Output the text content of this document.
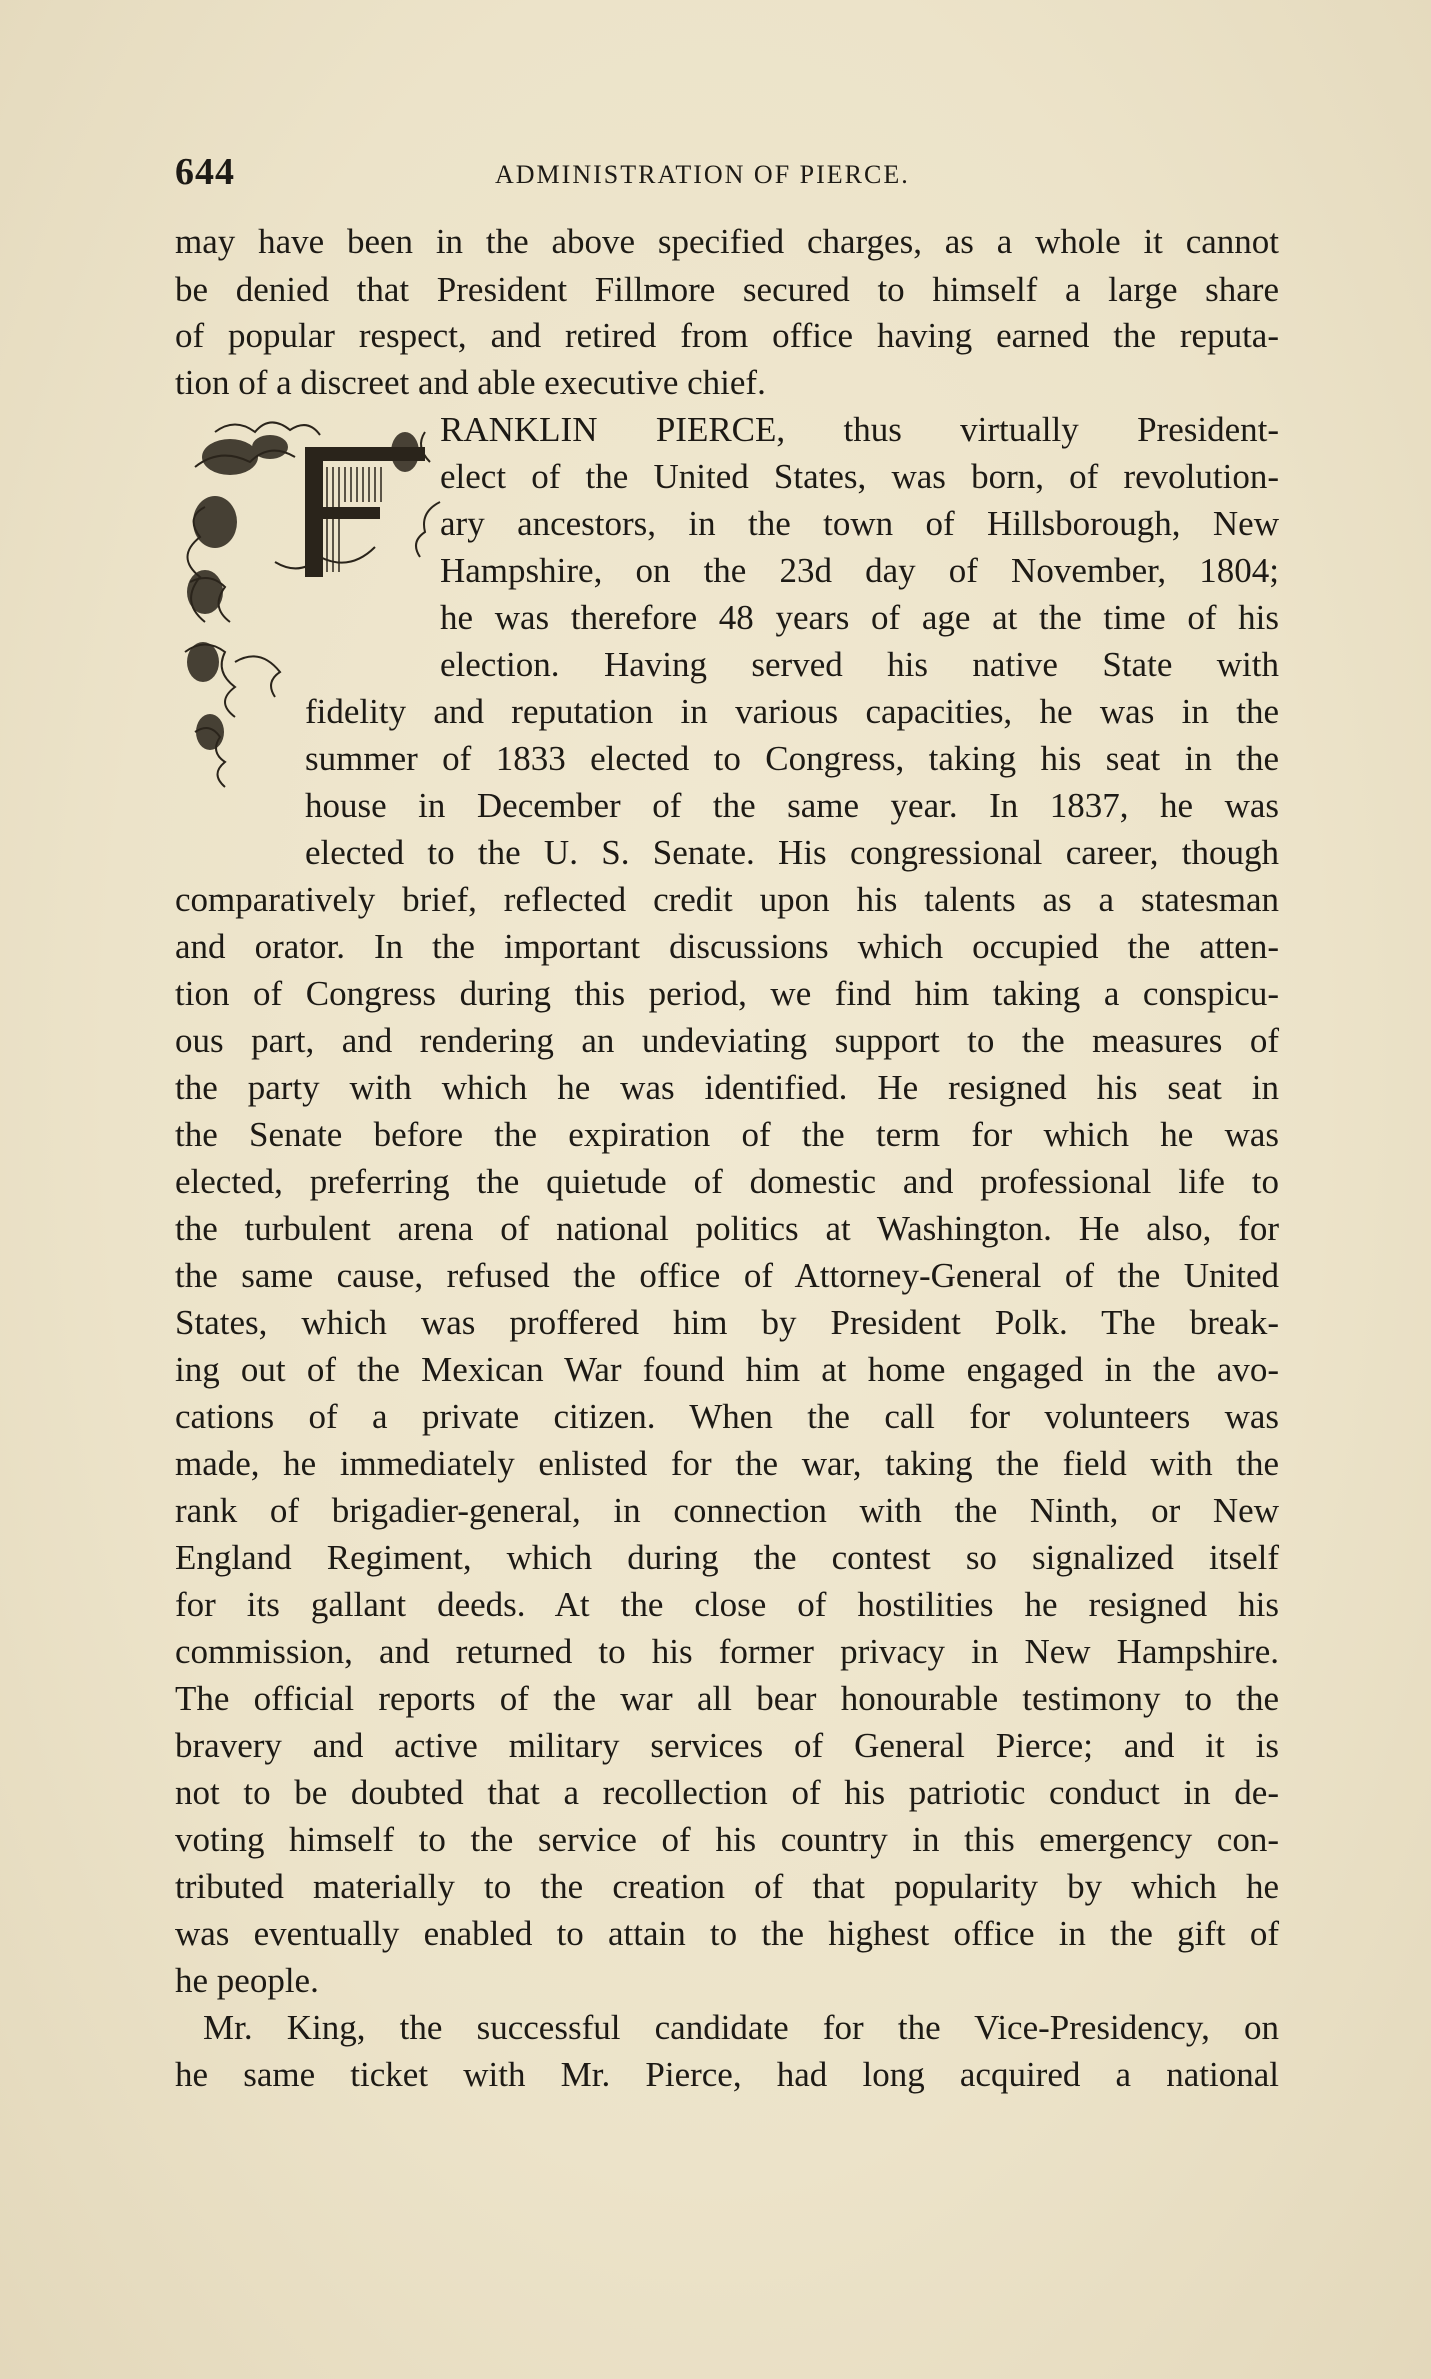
644	ADMINISTRATION OF PIERCE.
may have been in the above specified charges, as a whole it cannot
be denied that President Fillmore secured to himself a large share
of popular respect, and retired from office having earned the reputa-
tion of a discreet and able executive chief.
RANKLIN PIERCE, thus virtually President-
elect of the United States, was born, of revolution-
ary ancestors, in the town of Hillsborough, New
Hampshire, on the 23d day of November, 1804;
he was therefore 48 years of age at the time of his
election. Having served his native State with
fidelity and reputation in various capacities, he was in the
summer of 1833 elected to Congress, taking his seat in the
house in December of the same year. In 1837, he was
elected to the U. S. Senate. His congressional career, though
comparatively brief, reflected credit upon his talents as a statesman
and orator. In the important discussions which occupied the atten-
tion of Congress during this period, we find him taking a conspicu-
ous part, and rendering an undeviating support to the measures of
the party with which he was identified. He resigned his seat in
the Senate before the expiration of the term for which he was
elected, preferring the quietude of domestic and professional life to
the turbulent arena of national politics at Washington. He also, for
the same cause, refused the office of Attorney-General of the United
States, which was proffered him by President Polk. The break-
ing out of the Mexican War found him at home engaged in the avo-
cations of a private citizen. When the call for volunteers was
made, he immediately enlisted for the war, taking the field with the
rank of brigadier-general, in connection with the Ninth, or New
England Regiment, which during the contest so signalized itself
for its gallant deeds. At the close of hostilities he resigned his
commission, and returned to his former privacy in New Hampshire.
The official reports of the war all bear honourable testimony to the
bravery and active military services of General Pierce; and it is
not to be doubted that a recollection of his patriotic conduct in de-
voting himself to the service of his country in this emergency con-
tributed materially to the creation of that popularity by which he
was eventually enabled to attain to the highest office in the gift of
he people.
Mr. King, the successful candidate for the Vice-Presidency, on
he same ticket with Mr. Pierce, had long acquired a national
